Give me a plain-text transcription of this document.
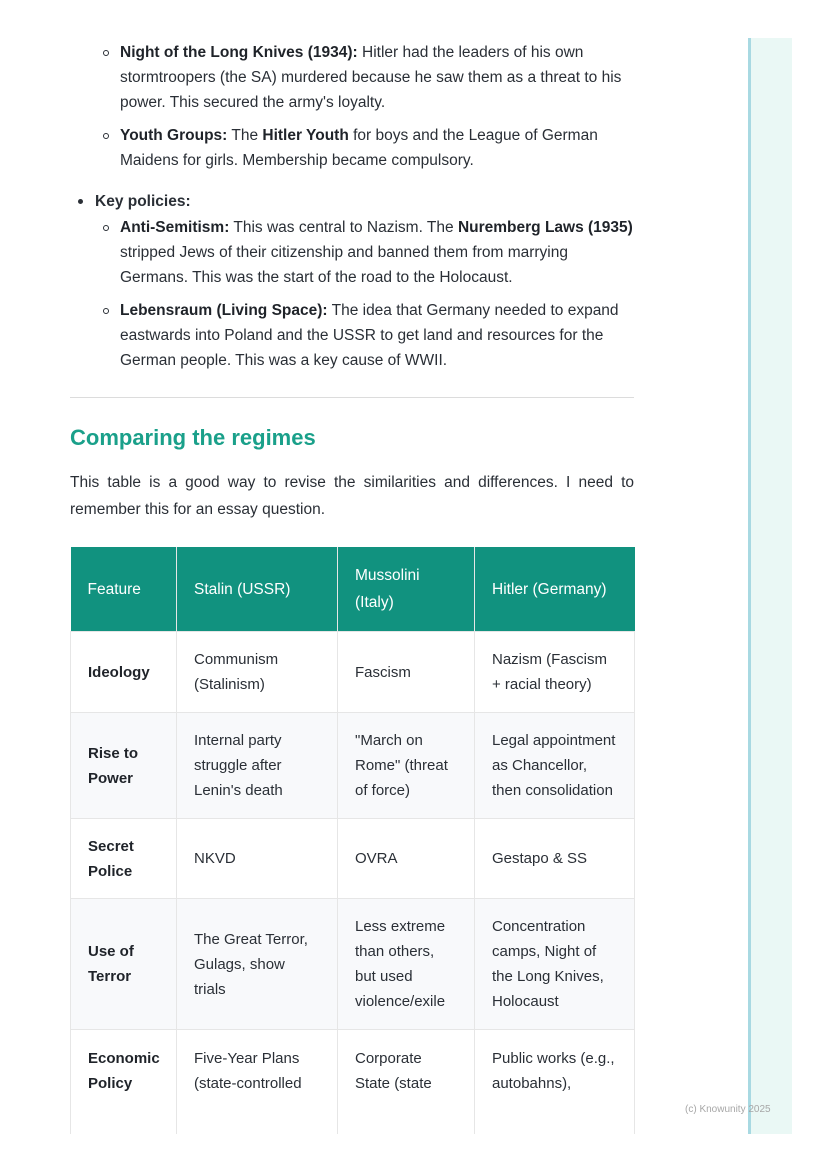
Night of the Long Knives (1934): Hitler had the leaders of his own stormtroopers (the SA) murdered because he saw them as a threat to his power. This secured the army's loyalty.
Youth Groups: The Hitler Youth for boys and the League of German Maidens for girls. Membership became compulsory.
Key policies:
Anti-Semitism: This was central to Nazism. The Nuremberg Laws (1935) stripped Jews of their citizenship and banned them from marrying Germans. This was the start of the road to the Holocaust.
Lebensraum (Living Space): The idea that Germany needed to expand eastwards into Poland and the USSR to get land and resources for the German people. This was a key cause of WWII.
Comparing the regimes
This table is a good way to revise the similarities and differences. I need to remember this for an essay question.
Feature	Stalin (USSR)	Mussolini (Italy)	Hitler (Germany)
Ideology	Communism (Stalinism)	Fascism	Nazism (Fascism + racial theory)
Rise to Power	Internal party struggle after Lenin's death	"March on Rome" (threat of force)	Legal appointment as Chancellor, then consolidation
Secret Police	NKVD	OVRA	Gestapo & SS
Use of Terror	The Great Terror, Gulags, show trials	Less extreme than others, but used violence/exile	Concentration camps, Night of the Long Knives, Holocaust
Economic Policy	Five-Year Plans (state-controlled	Corporate State (state	Public works (e.g., autobahns),
(c) Knowunity 2025
